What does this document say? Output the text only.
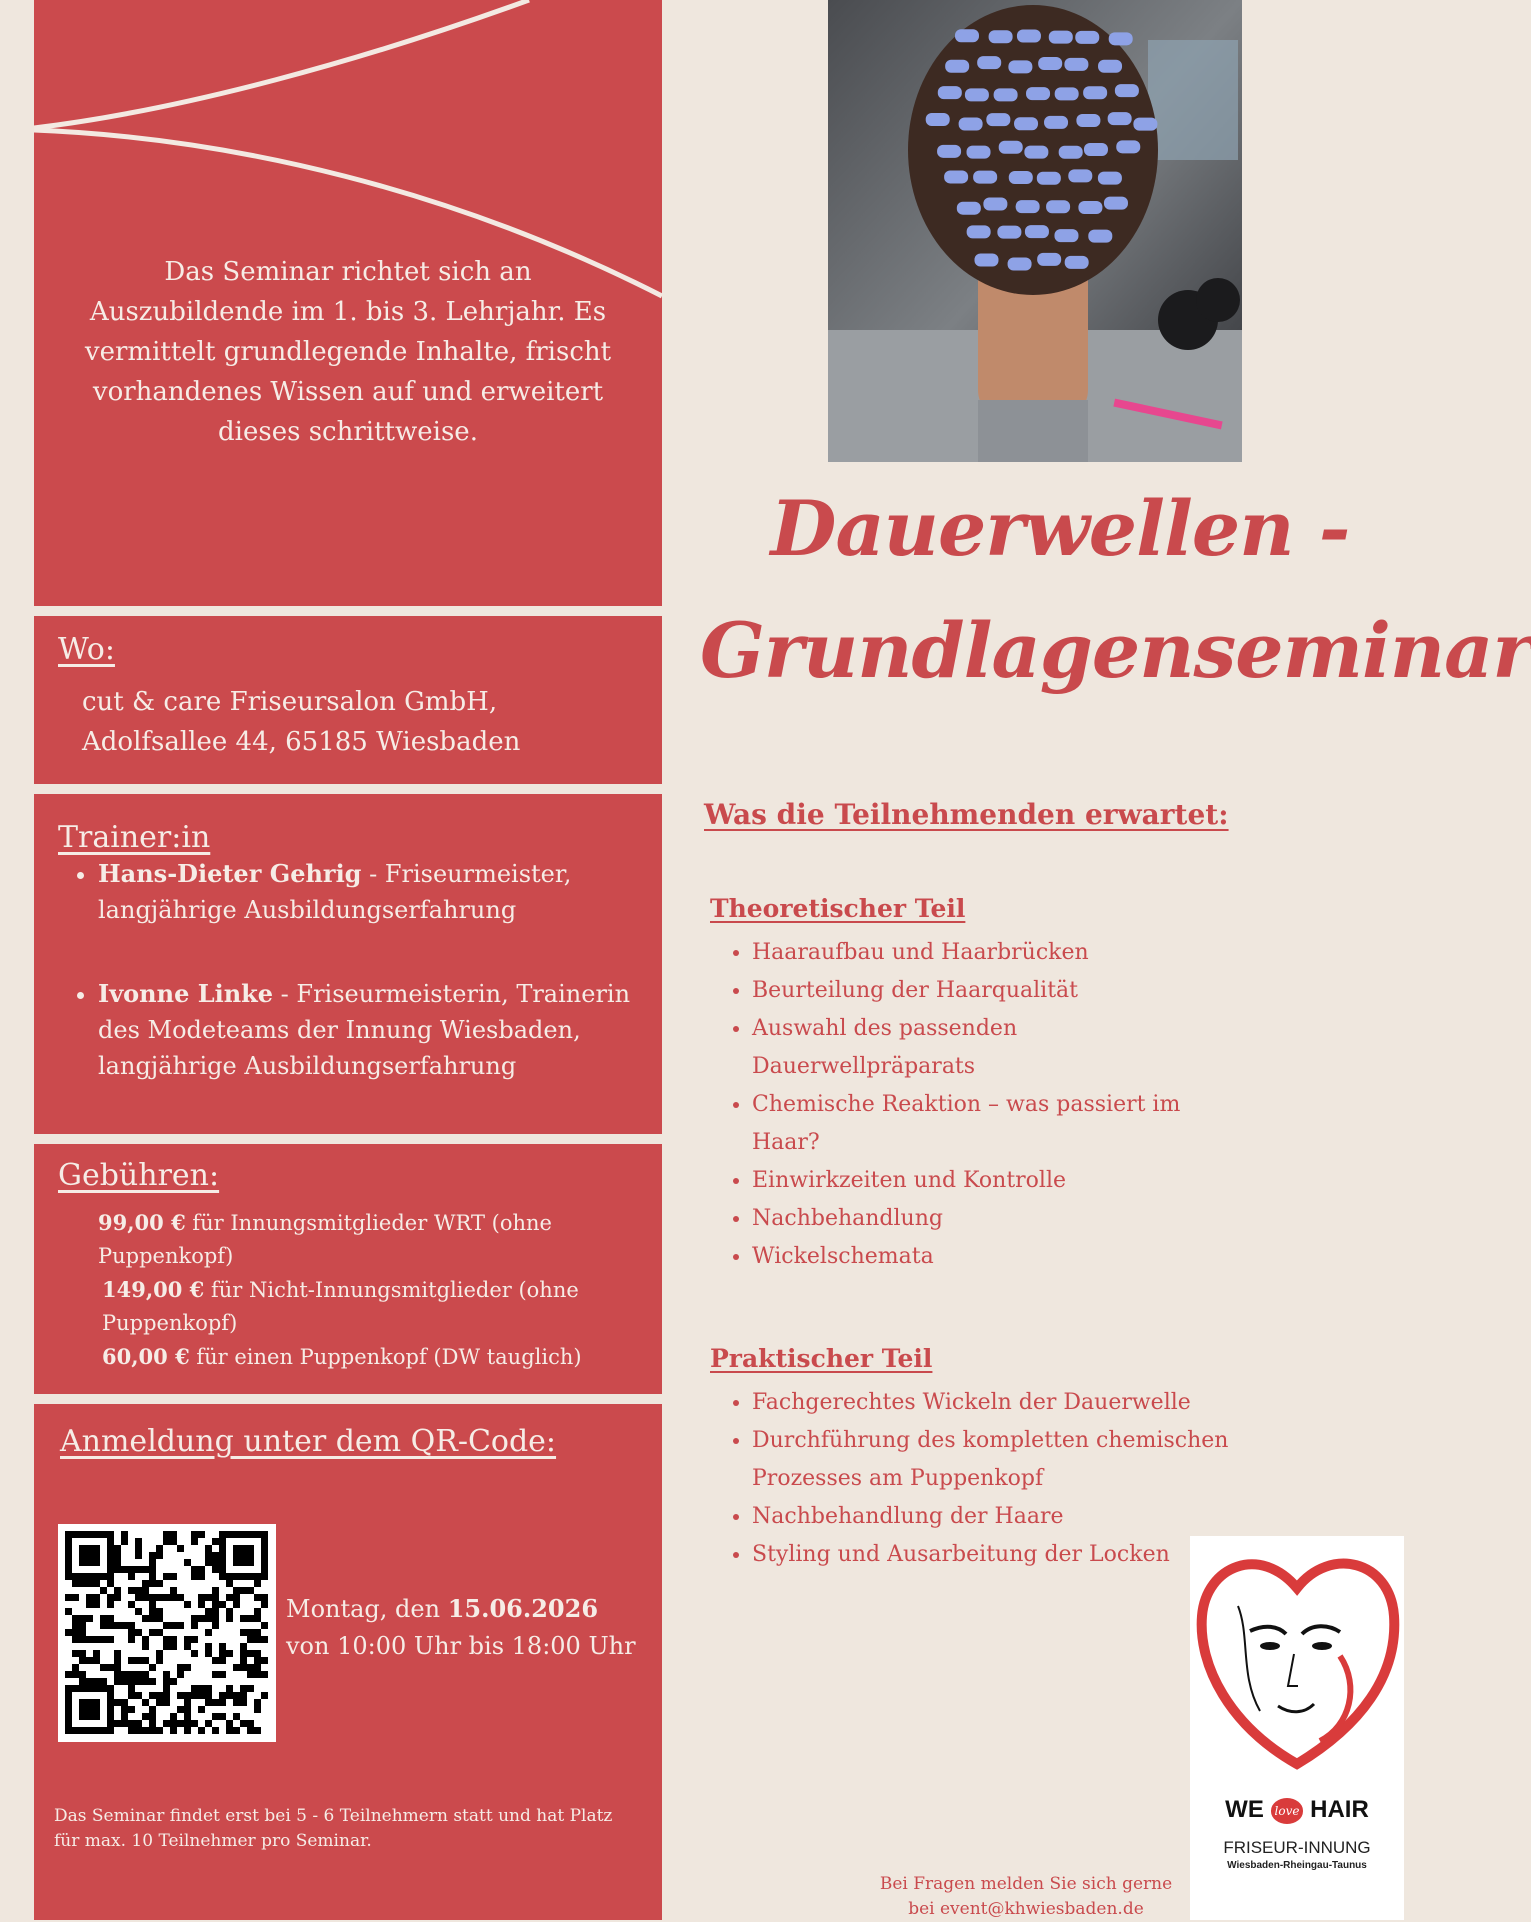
Das Seminar richtet sich an Auszubildende im 1. bis 3. Lehrjahr. Es vermittelt grundlegende Inhalte, frischt vorhandenes Wissen auf und erweitert dieses schrittweise.
Wo:
cut & care Friseursalon GmbH,
Adolfsallee 44, 65185 Wiesbaden
Trainer:in
• Hans-Dieter Gehrig - Friseurmeister, langjährige Ausbildungserfahrung
• Ivonne Linke - Friseurmeisterin, Trainerin des Modeteams der Innung Wiesbaden, langjährige Ausbildungserfahrung
Gebühren:
99,00 € für Innungsmitglieder WRT (ohne Puppenkopf)
149,00 € für Nicht-Innungsmitglieder (ohne Puppenkopf)
60,00 € für einen Puppenkopf (DW tauglich)
Anmeldung unter dem QR-Code:
Montag, den 15.06.2026
von 10:00 Uhr bis 18:00 Uhr
Das Seminar findet erst bei 5 - 6 Teilnehmern statt und hat Platz für max. 10 Teilnehmer pro Seminar.
Dauerwellen -
Grundlagenseminar
Was die Teilnehmenden erwartet:
Theoretischer Teil
• Haaraufbau und Haarbrücken
• Beurteilung der Haarqualität
• Auswahl des passenden Dauerwellpräparats
• Chemische Reaktion – was passiert im Haar?
• Einwirkzeiten und Kontrolle
• Nachbehandlung
• Wickelschemata
Praktischer Teil
• Fachgerechtes Wickeln der Dauerwelle
• Durchführung des kompletten chemischen Prozesses am Puppenkopf
• Nachbehandlung der Haare
• Styling und Ausarbeitung der Locken
WE love HAIR
FRISEUR-INNUNG
Wiesbaden-Rheingau-Taunus
Bei Fragen melden Sie sich gerne
bei event@khwiesbaden.de
